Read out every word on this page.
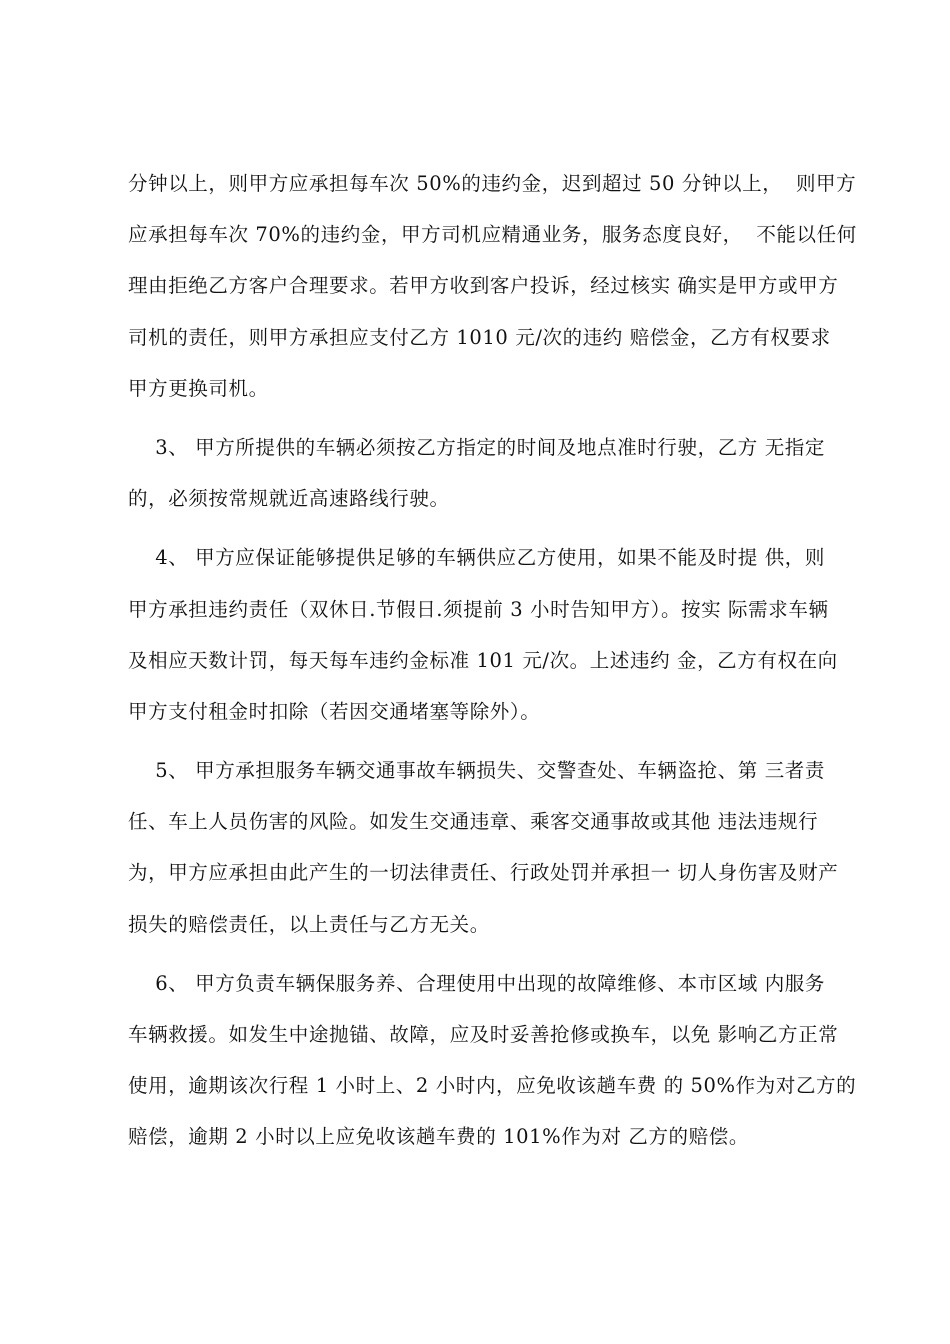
分钟以上，则甲方应承担每车次 50%的违约金，迟到超过 50 分钟以上，  则甲方
应承担每车次 70%的违约金，甲方司机应精通业务，服务态度良好，  不能以任何
理由拒绝乙方客户合理要求。若甲方收到客户投诉，经过核实 确实是甲方或甲方
司机的责任，则甲方承担应支付乙方 1010 元/次的违约 赔偿金，乙方有权要求
甲方更换司机。
3、 甲方所提供的车辆必须按乙方指定的时间及地点准时行驶，乙方 无指定
的，必须按常规就近高速路线行驶。
4、 甲方应保证能够提供足够的车辆供应乙方使用，如果不能及时提 供，则
甲方承担违约责任（双休日.节假日.须提前 3 小时告知甲方）。按实 际需求车辆
及相应天数计罚，每天每车违约金标准 101 元/次。上述违约 金，乙方有权在向
甲方支付租金时扣除（若因交通堵塞等除外）。
5、 甲方承担服务车辆交通事故车辆损失、交警查处、车辆盗抢、第 三者责
任、车上人员伤害的风险。如发生交通违章、乘客交通事故或其他 违法违规行
为，甲方应承担由此产生的一切法律责任、行政处罚并承担一 切人身伤害及财产
损失的赔偿责任，以上责任与乙方无关。
6、 甲方负责车辆保服务养、合理使用中出现的故障维修、本市区域 内服务
车辆救援。如发生中途抛锚、故障，应及时妥善抢修或换车，以免 影响乙方正常
使用，逾期该次行程 1 小时上、2 小时内，应免收该趟车费 的 50%作为对乙方的
赔偿，逾期 2 小时以上应免收该趟车费的 101%作为对 乙方的赔偿。
